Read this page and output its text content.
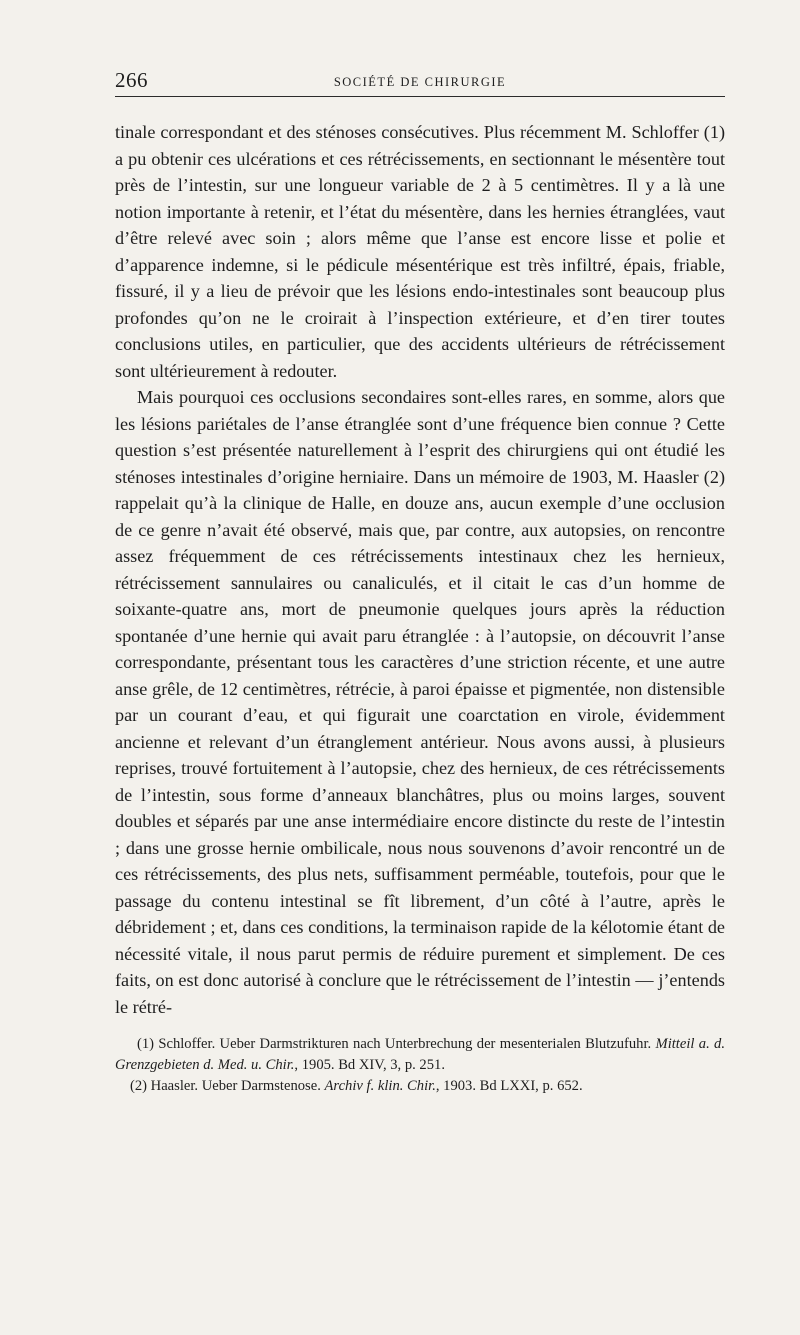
266	SOCIÉTÉ DE CHIRURGIE

tinale correspondant et des sténoses consécutives. Plus récemment M. Schloffer (1) a pu obtenir ces ulcérations et ces rétrécissements, en sectionnant le mésentère tout près de l’intestin, sur une longueur variable de 2 à 5 centimètres. Il y a là une notion importante à retenir, et l’état du mésentère, dans les hernies étranglées, vaut d’être relevé avec soin ; alors même que l’anse est encore lisse et polie et d’apparence indemne, si le pédicule mésentérique est très infiltré, épais, friable, fissuré, il y a lieu de prévoir que les lésions endo-intestinales sont beaucoup plus profondes qu’on ne le croirait à l’inspection extérieure, et d’en tirer toutes conclusions utiles, en particulier, que des accidents ultérieurs de rétrécissement sont ultérieurement à redouter.

Mais pourquoi ces occlusions secondaires sont-elles rares, en somme, alors que les lésions pariétales de l’anse étranglée sont d’une fréquence bien connue ? Cette question s’est présentée naturellement à l’esprit des chirurgiens qui ont étudié les sténoses intestinales d’origine herniaire. Dans un mémoire de 1903, M. Haasler (2) rappelait qu’à la clinique de Halle, en douze ans, aucun exemple d’une occlusion de ce genre n’avait été observé, mais que, par contre, aux autopsies, on rencontre assez fréquemment de ces rétrécissements intestinaux chez les hernieux, rétrécissement sannulaires ou canaliculés, et il citait le cas d’un homme de soixante-quatre ans, mort de pneumonie quelques jours après la réduction spontanée d’une hernie qui avait paru étranglée : à l’autopsie, on découvrit l’anse correspondante, présentant tous les caractères d’une striction récente, et une autre anse grêle, de 12 centimètres, rétrécie, à paroi épaisse et pigmentée, non distensible par un courant d’eau, et qui figurait une coarctation en virole, évidemment ancienne et relevant d’un étranglement antérieur. Nous avons aussi, à plusieurs reprises, trouvé fortuitement à l’autopsie, chez des hernieux, de ces rétrécissements de l’intestin, sous forme d’anneaux blanchâtres, plus ou moins larges, souvent doubles et séparés par une anse intermédiaire encore distincte du reste de l’intestin ; dans une grosse hernie ombilicale, nous nous souvenons d’avoir rencontré un de ces rétrécissements, des plus nets, suffisamment perméable, toutefois, pour que le passage du contenu intestinal se fît librement, d’un côté à l’autre, après le débridement ; et, dans ces conditions, la terminaison rapide de la kélotomie étant de nécessité vitale, il nous parut permis de réduire purement et simplement. De ces faits, on est donc autorisé à conclure que le rétrécissement de l’intestin — j’entends le rétré-

(1) Schloffer. Ueber Darmstrikturen nach Unterbrechung der mesenterialen Blutzufuhr. Mitteil a. d. Grenzgebieten d. Med. u. Chir., 1905. Bd XIV, 3, p. 251.

(2) Haasler. Ueber Darmstenose. Archiv f. klin. Chir., 1903. Bd LXXI, p. 652.
